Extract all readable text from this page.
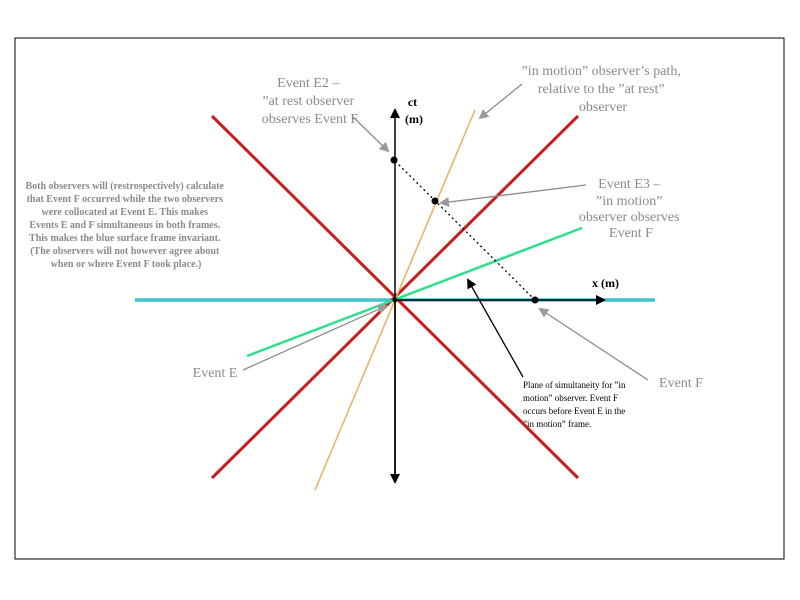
ct (m)
x (m)
Event E2 – ”at rest observer observes Event F
”in motion” observer’s path, relative to the ”at rest” observer
Event E3 – ”in motion” observer observes Event F
Both observers will (restrospectively) calculate that Event F occurred while the two observers were collocated at Event E. This makes Events E and F simultaneous in both frames. This makes the blue surface frame invariant. (The observers will not however agree about when or where Event F took place.)
Event E
Event F
Plane of simultaneity for ”in motion” observer. Event F occurs before Event E in the ”in motion” frame.
